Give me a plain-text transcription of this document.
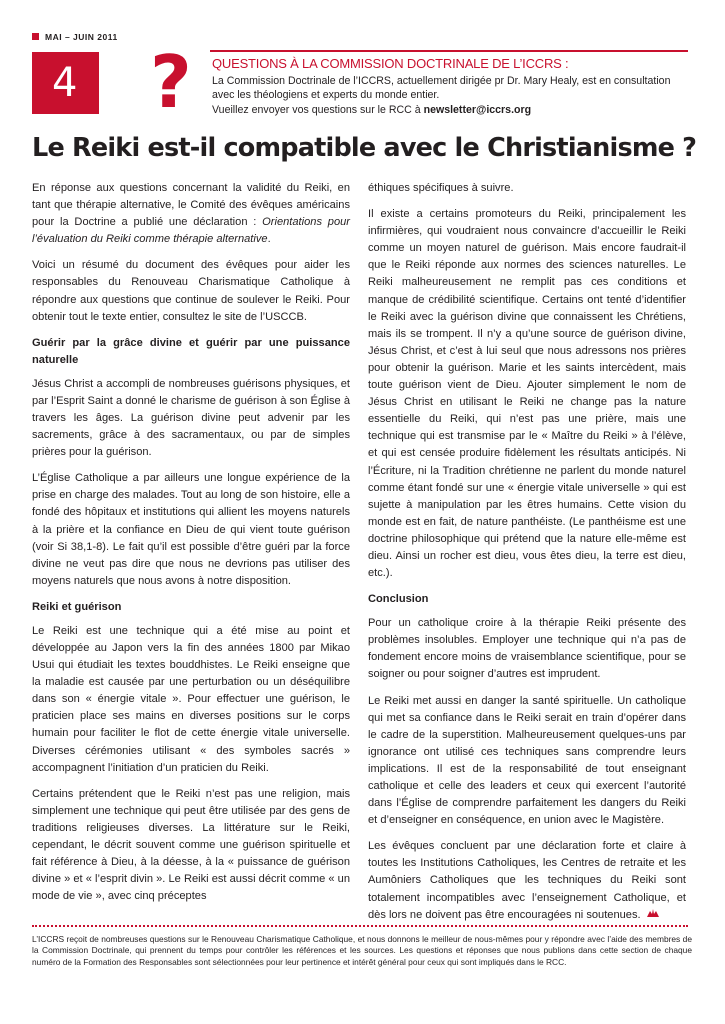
MAI – JUIN 2011
4 ? QUESTIONS À LA COMMISSION DOCTRINALE DE L’ICCRS :
La Commission Doctrinale de l’ICCRS, actuellement dirigée pr Dr. Mary Healy, est en consultation
avec les théologiens et experts du monde entier.
Vueillez envoyer vos questions sur le RCC à newsletter@iccrs.org
Le Reiki est-il compatible avec le Christianisme ?

En réponse aux questions concernant la validité du Reiki, en tant que thérapie alternative, le Comité des évêques américains pour la Doctrine a publié une déclaration : Orientations pour l’évaluation du Reiki comme thérapie alternative.

Voici un résumé du document des évêques pour aider les responsables du Renouveau Charismatique Catholique à répondre aux questions que continue de soulever le Reiki. Pour obtenir tout le texte entier, consultez le site de l’USCCB.

Guérir par la grâce divine et guérir par une puissance naturelle

Jésus Christ a accompli de nombreuses guérisons physiques, et par l’Esprit Saint a donné le charisme de guérison à son Église à travers les âges. La guérison divine peut advenir par les sacrements, grâce à des sacramentaux, ou par de simples prières pour la guérison.

L’Église Catholique a par ailleurs une longue expérience de la prise en charge des malades. Tout au long de son histoire, elle a fondé des hôpitaux et institutions qui allient les moyens naturels à la prière et la confiance en Dieu de qui vient toute guérison (voir Si 38,1-8). Le fait qu’il est possible d’être guéri par la force divine ne veut pas dire que nous ne devrions pas utiliser des moyens naturels que nous avons à notre disposition.

Reiki et guérison

Le Reiki est une technique qui a été mise au point et développée au Japon vers la fin des années 1800 par Mikao Usui qui étudiait les textes bouddhistes. Le Reiki enseigne que la maladie est causée par une perturbation ou un déséquilibre dans son « énergie vitale ». Pour effectuer une guérison, le praticien place ses mains en diverses positions sur le corps humain pour faciliter le flot de cette énergie vitale universelle. Diverses cérémonies utilisant « des symboles sacrés » accompagnent l’initiation d’un praticien du Reiki.

Certains prétendent que le Reiki n’est pas une religion, mais simplement une technique qui peut être utilisée par des gens de traditions religieuses diverses. La littérature sur le Reiki, cependant, le décrit souvent comme une guérison spirituelle et fait référence à Dieu, à la déesse, à la « puissance de guérison divine » et « l’esprit divin ». Le Reiki est aussi décrit comme « un mode de vie », avec cinq préceptes

éthiques spécifiques à suivre.

Il existe a certains promoteurs du Reiki, principalement les infirmières, qui voudraient nous convaincre d’accueillir le Reiki comme un moyen naturel de guérison. Mais encore faudrait-il que le Reiki réponde aux normes des sciences naturelles. Le Reiki malheureusement ne remplit pas ces conditions et manque de crédibilité scientifique. Certains ont tenté d’identifier le Reiki avec la guérison divine que connaissent les Chrétiens, mais ils se trompent. Il n’y a qu’une source de guérison divine, Jésus Christ, et c’est à lui seul que nous adressons nos prières pour obtenir la guérison. Marie et les saints intercèdent, mais toute guérison vient de Dieu. Ajouter simplement le nom de Jésus Christ en utilisant le Reiki ne change pas la nature essentielle du Reiki, qui n’est pas une prière, mais une technique qui est transmise par le « Maître du Reiki » à l’élève, et qui est censée produire fidèlement les résultats anticipés. Ni l’Écriture, ni la Tradition chrétienne ne parlent du monde naturel comme étant fondé sur une « énergie vitale universelle » qui est sujette à manipulation par les êtres humains. Cette vision du monde est en fait, de nature panthéiste. (Le panthéisme est une doctrine philosophique qui prétend que la nature elle-même est dieu. Ainsi un rocher est dieu, vous êtes dieu, la terre est dieu, etc.).

Conclusion

Pour un catholique croire à la thérapie Reiki présente des problèmes insolubles. Employer une technique qui n’a pas de fondement encore moins de vraisemblance scientifique, pour se soigner ou pour soigner d’autres est imprudent.

Le Reiki met aussi en danger la santé spirituelle. Un catholique qui met sa confiance dans le Reiki serait en train d’opérer dans le cadre de la superstition. Malheureusement quelques-uns par ignorance ont utilisé ces techniques sans comprendre leurs implications. Il est de la responsabilité de tout enseignant catholique et celle des leaders et ceux qui exercent l’autorité dans l’Église de comprendre parfaitement les dangers du Reiki et d’enseigner en conséquence, en union avec le Magistère.

Les évêques concluent par une déclaration forte et claire à toutes les Institutions Catholiques, les Centres de retraite et les Aumôniers Catholiques que les techniques du Reiki sont totalement incompatibles avec l’enseignement Catholique, et dès lors ne doivent pas être encouragées ni soutenues.

L’ICCRS reçoit de nombreuses questions sur le Renouveau Charismatique Catholique, et nous donnons le meilleur de nous-mêmes pour y répondre avec l’aide des membres de la Commission Doctrinale, qui prennent du temps pour contrôler les références et les sources. Les questions et réponses que nous publions dans cette section de chaque numéro de la Formation des Responsables sont sélectionnées pour leur pertinence et intérêt général pour ceux qui sont impliqués dans le RCC.
